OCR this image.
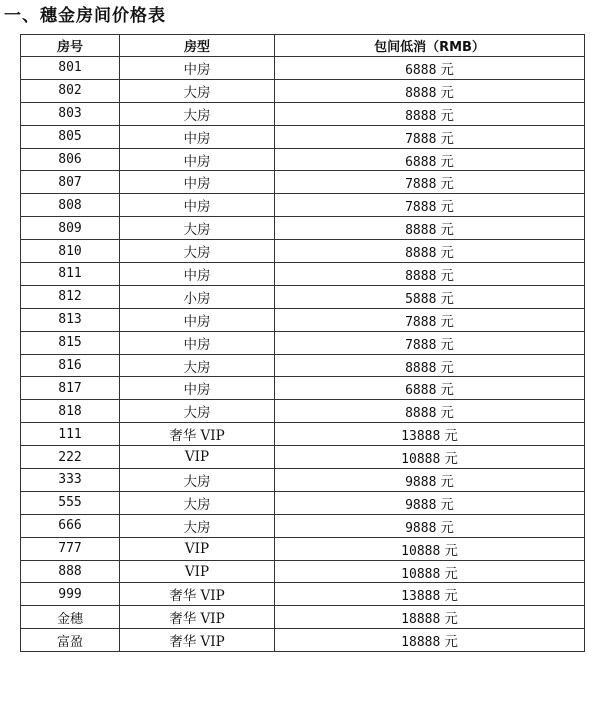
一、穗金房间价格表
房号	房型	包间低消（RMB）
801	中房	6888 元
802	大房	8888 元
803	大房	8888 元
805	中房	7888 元
806	中房	6888 元
807	中房	7888 元
808	中房	7888 元
809	大房	8888 元
810	大房	8888 元
811	中房	8888 元
812	小房	5888 元
813	中房	7888 元
815	中房	7888 元
816	大房	8888 元
817	中房	6888 元
818	大房	8888 元
111	奢华 VIP	13888 元
222	VIP	10888 元
333	大房	9888 元
555	大房	9888 元
666	大房	9888 元
777	VIP	10888 元
888	VIP	10888 元
999	奢华 VIP	13888 元
金穗	奢华 VIP	18888 元
富盈	奢华 VIP	18888 元
